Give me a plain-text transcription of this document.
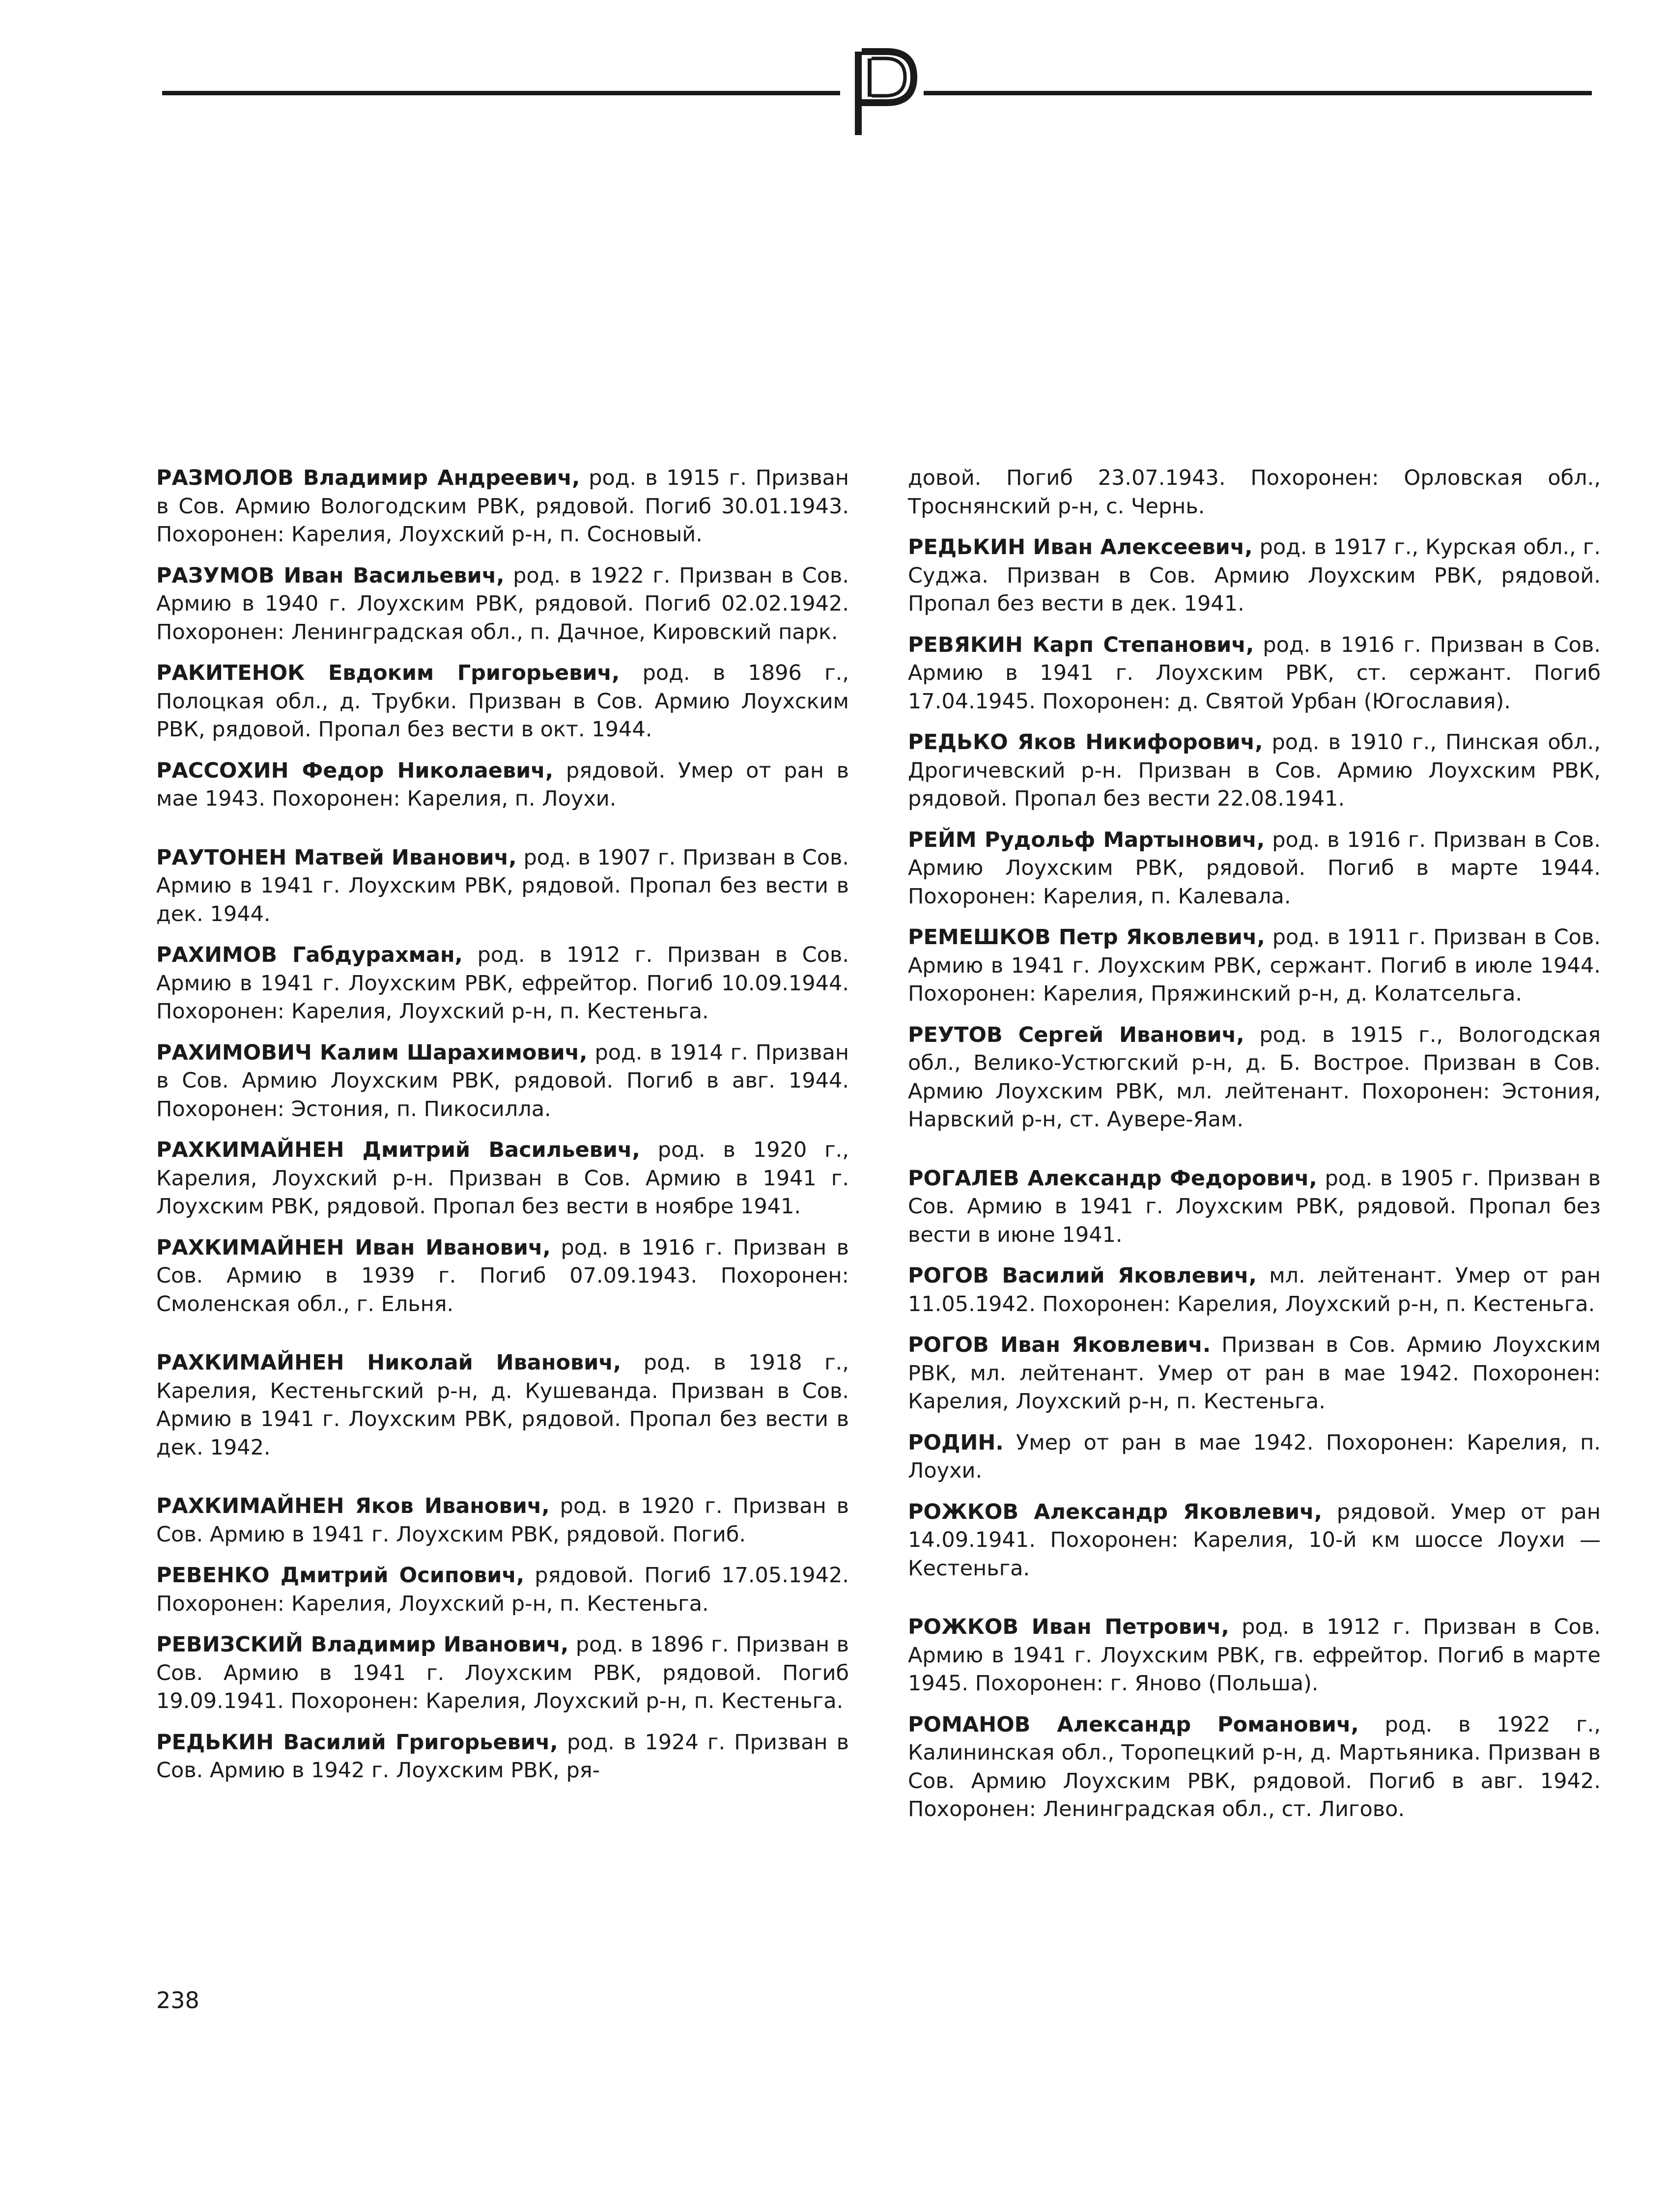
РАЗМОЛОВ Владимир Андреевич, род. в 1915 г. Призван в Сов. Армию Вологодским РВК, рядовой. Погиб 30.01.1943. Похоронен: Карелия, Лоухский р-н, п. Сосновый.

РАЗУМОВ Иван Васильевич, род. в 1922 г. Призван в Сов. Армию в 1940 г. Лоухским РВК, рядовой. Погиб 02.02.1942. Похоронен: Ленинградская обл., п. Дачное, Кировский парк.

РАКИТЕНОК Евдоким Григорьевич, род. в 1896 г., Полоцкая обл., д. Трубки. Призван в Сов. Армию Лоухским РВК, рядовой. Пропал без вести в окт. 1944.

РАССОХИН Федор Николаевич, рядовой. Умер от ран в мае 1943. Похоронен: Карелия, п. Лоухи.

РАУТОНЕН Матвей Иванович, род. в 1907 г. Призван в Сов. Армию в 1941 г. Лоухским РВК, рядовой. Пропал без вести в дек. 1944.

РАХИМОВ Габдурахман, род. в 1912 г. Призван в Сов. Армию в 1941 г. Лоухским РВК, ефрейтор. Погиб 10.09.1944. Похоронен: Карелия, Лоухский р-н, п. Кестеньга.

РАХИМОВИЧ Калим Шарахимович, род. в 1914 г. Призван в Сов. Армию Лоухским РВК, рядовой. Погиб в авг. 1944. Похоронен: Эстония, п. Пикосилла.

РАХКИМАЙНЕН Дмитрий Васильевич, род. в 1920 г., Карелия, Лоухский р-н. Призван в Сов. Армию в 1941 г. Лоухским РВК, рядовой. Пропал без вести в ноябре 1941.

РАХКИМАЙНЕН Иван Иванович, род. в 1916 г. Призван в Сов. Армию в 1939 г. Погиб 07.09.1943. Похоронен: Смоленская обл., г. Ельня.

РАХКИМАЙНЕН Николай Иванович, род. в 1918 г., Карелия, Кестеньгский р-н, д. Кушеванда. Призван в Сов. Армию в 1941 г. Лоухским РВК, рядовой. Пропал без вести в дек. 1942.

РАХКИМАЙНЕН Яков Иванович, род. в 1920 г. Призван в Сов. Армию в 1941 г. Лоухским РВК, рядовой. Погиб.

РЕВЕНКО Дмитрий Осипович, рядовой. Погиб 17.05.1942. Похоронен: Карелия, Лоухский р-н, п. Кестеньга.

РЕВИЗСКИЙ Владимир Иванович, род. в 1896 г. Призван в Сов. Армию в 1941 г. Лоухским РВК, рядовой. Погиб 19.09.1941. Похоронен: Карелия, Лоухский р-н, п. Кестеньга.

РЕДЬКИН Василий Григорьевич, род. в 1924 г. Призван в Сов. Армию в 1942 г. Лоухским РВК, ря-

довой. Погиб 23.07.1943. Похоронен: Орловская обл., Троснянский р-н, с. Чернь.

РЕДЬКИН Иван Алексеевич, род. в 1917 г., Курская обл., г. Суджа. Призван в Сов. Армию Лоухским РВК, рядовой. Пропал без вести в дек. 1941.

РЕВЯКИН Карп Степанович, род. в 1916 г. Призван в Сов. Армию в 1941 г. Лоухским РВК, ст. сержант. Погиб 17.04.1945. Похоронен: д. Святой Урбан (Югославия).

РЕДЬКО Яков Никифорович, род. в 1910 г., Пинская обл., Дрогичевский р-н. Призван в Сов. Армию Лоухским РВК, рядовой. Пропал без вести 22.08.1941.

РЕЙМ Рудольф Мартынович, род. в 1916 г. Призван в Сов. Армию Лоухским РВК, рядовой. Погиб в марте 1944. Похоронен: Карелия, п. Калевала.

РЕМЕШКОВ Петр Яковлевич, род. в 1911 г. Призван в Сов. Армию в 1941 г. Лоухским РВК, сержант. Погиб в июле 1944. Похоронен: Карелия, Пряжинский р-н, д. Колатсельга.

РЕУТОВ Сергей Иванович, род. в 1915 г., Вологодская обл., Велико-Устюгский р-н, д. Б. Вострое. Призван в Сов. Армию Лоухским РВК, мл. лейтенант. Похоронен: Эстония, Нарвский р-н, ст. Аувере-Яам.

РОГАЛЕВ Александр Федорович, род. в 1905 г. Призван в Сов. Армию в 1941 г. Лоухским РВК, рядовой. Пропал без вести в июне 1941.

РОГОВ Василий Яковлевич, мл. лейтенант. Умер от ран 11.05.1942. Похоронен: Карелия, Лоухский р-н, п. Кестеньга.

РОГОВ Иван Яковлевич. Призван в Сов. Армию Лоухским РВК, мл. лейтенант. Умер от ран в мае 1942. Похоронен: Карелия, Лоухский р-н, п. Кестеньга.

РОДИН. Умер от ран в мае 1942. Похоронен: Карелия, п. Лоухи.

РОЖКОВ Александр Яковлевич, рядовой. Умер от ран 14.09.1941. Похоронен: Карелия, 10-й км шоссе Лоухи — Кестеньга.

РОЖКОВ Иван Петрович, род. в 1912 г. Призван в Сов. Армию в 1941 г. Лоухским РВК, гв. ефрейтор. Погиб в марте 1945. Похоронен: г. Яново (Польша).

РОМАНОВ Александр Романович, род. в 1922 г., Калининская обл., Торопецкий р-н, д. Мартьяника. Призван в Сов. Армию Лоухским РВК, рядовой. Погиб в авг. 1942. Похоронен: Ленинградская обл., ст. Лигово.

238
